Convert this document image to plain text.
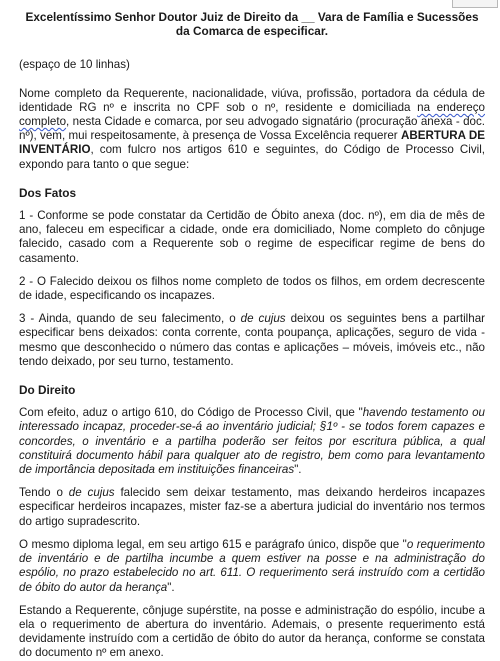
Excelentíssimo Senhor Doutor Juiz de Direito da __ Vara de Família e Sucessões da Comarca de especificar.

(espaço de 10 linhas)

Nome completo da Requerente, nacionalidade, viúva, profissão, portadora da cédula de identidade RG nº e inscrita no CPF sob o nº, residente e domiciliada na endereço completo, nesta Cidade e comarca, por seu advogado signatário (procuração anexa - doc. nº), vem, mui respeitosamente, à presença de Vossa Excelência requerer ABERTURA DE INVENTÁRIO, com fulcro nos artigos 610 e seguintes, do Código de Processo Civil, expondo para tanto o que segue:

Dos Fatos

1 - Conforme se pode constatar da Certidão de Óbito anexa (doc. nº), em dia de mês de ano, faleceu em especificar a cidade, onde era domiciliado, Nome completo do cônjuge falecido, casado com a Requerente sob o regime de especificar regime de bens do casamento.

2 - O Falecido deixou os filhos nome completo de todos os filhos, em ordem decrescente de idade, especificando os incapazes.

3 - Ainda, quando de seu falecimento, o de cujus deixou os seguintes bens a partilhar especificar bens deixados: conta corrente, conta poupança, aplicações, seguro de vida - mesmo que desconhecido o número das contas e aplicações – móveis, imóveis etc., não tendo deixado, por seu turno, testamento.

Do Direito

Com efeito, aduz o artigo 610, do Código de Processo Civil, que "havendo testamento ou interessado incapaz, proceder-se-á ao inventário judicial; §1º - se todos forem capazes e concordes, o inventário e a partilha poderão ser feitos por escritura pública, a qual constituirá documento hábil para qualquer ato de registro, bem como para levantamento de importância depositada em instituições financeiras".

Tendo o de cujus falecido sem deixar testamento, mas deixando herdeiros incapazes especificar herdeiros incapazes, mister faz-se a abertura judicial do inventário nos termos do artigo supradescrito.

O mesmo diploma legal, em seu artigo 615 e parágrafo único, dispõe que "o requerimento de inventário e de partilha incumbe a quem estiver na posse e na administração do espólio, no prazo estabelecido no art. 611. O requerimento será instruído com a certidão de óbito do autor da herança".

Estando a Requerente, cônjuge supérstite, na posse e administração do espólio, incube a ela o requerimento de abertura do inventário. Ademais, o presente requerimento está devidamente instruído com a certidão de óbito do autor da herança, conforme se constata do documento nº em anexo.
